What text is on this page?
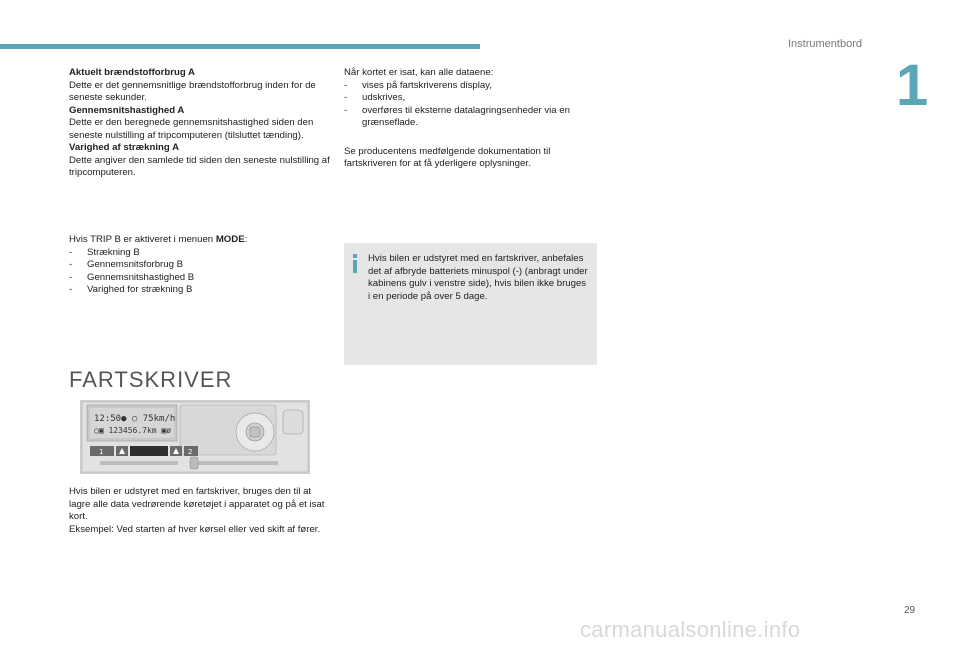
Instrumentbord
1

Aktuelt brændstofforbrug A

Dette er det gennemsnitlige brændstofforbrug inden for de seneste sekunder.

Gennemsnitshastighed A

Dette er den beregnede gennemsnitshastighed siden den seneste nulstilling af tripcomputeren (tilsluttet tænding).

Varighed af strækning A

Dette angiver den samlede tid siden den seneste nulstilling af tripcomputeren.

Hvis TRIP B er aktiveret i menuen MODE:

- Strækning B
- Gennemsnitsforbrug B
- Gennemsnitshastighed B
- Varighed for strækning B
FARTSKRIVER
12:50● ○ 75km/h
○▣ 123456.7km ▣ø
1	2

Hvis bilen er udstyret med en fartskriver, bruges den til at lagre alle data vedrørende køretøjet i apparatet og på et isat kort.

Eksempel: Ved starten af hver kørsel eller ved skift af fører.

Når kortet er isat, kan alle dataene:

- vises på fartskriverens display,
- udskrives,
- overføres til eksterne datalagringsenheder via en grænseflade.

Se producentens medfølgende dokumentation til fartskriveren for at få yderligere oplysninger.

Hvis bilen er udstyret med en fartskriver, anbefales det af afbryde batteriets minuspol (-) (anbragt under kabinens gulv i venstre side), hvis bilen ikke bruges i en periode på over 5 dage.

29
carmanualsonline.info
